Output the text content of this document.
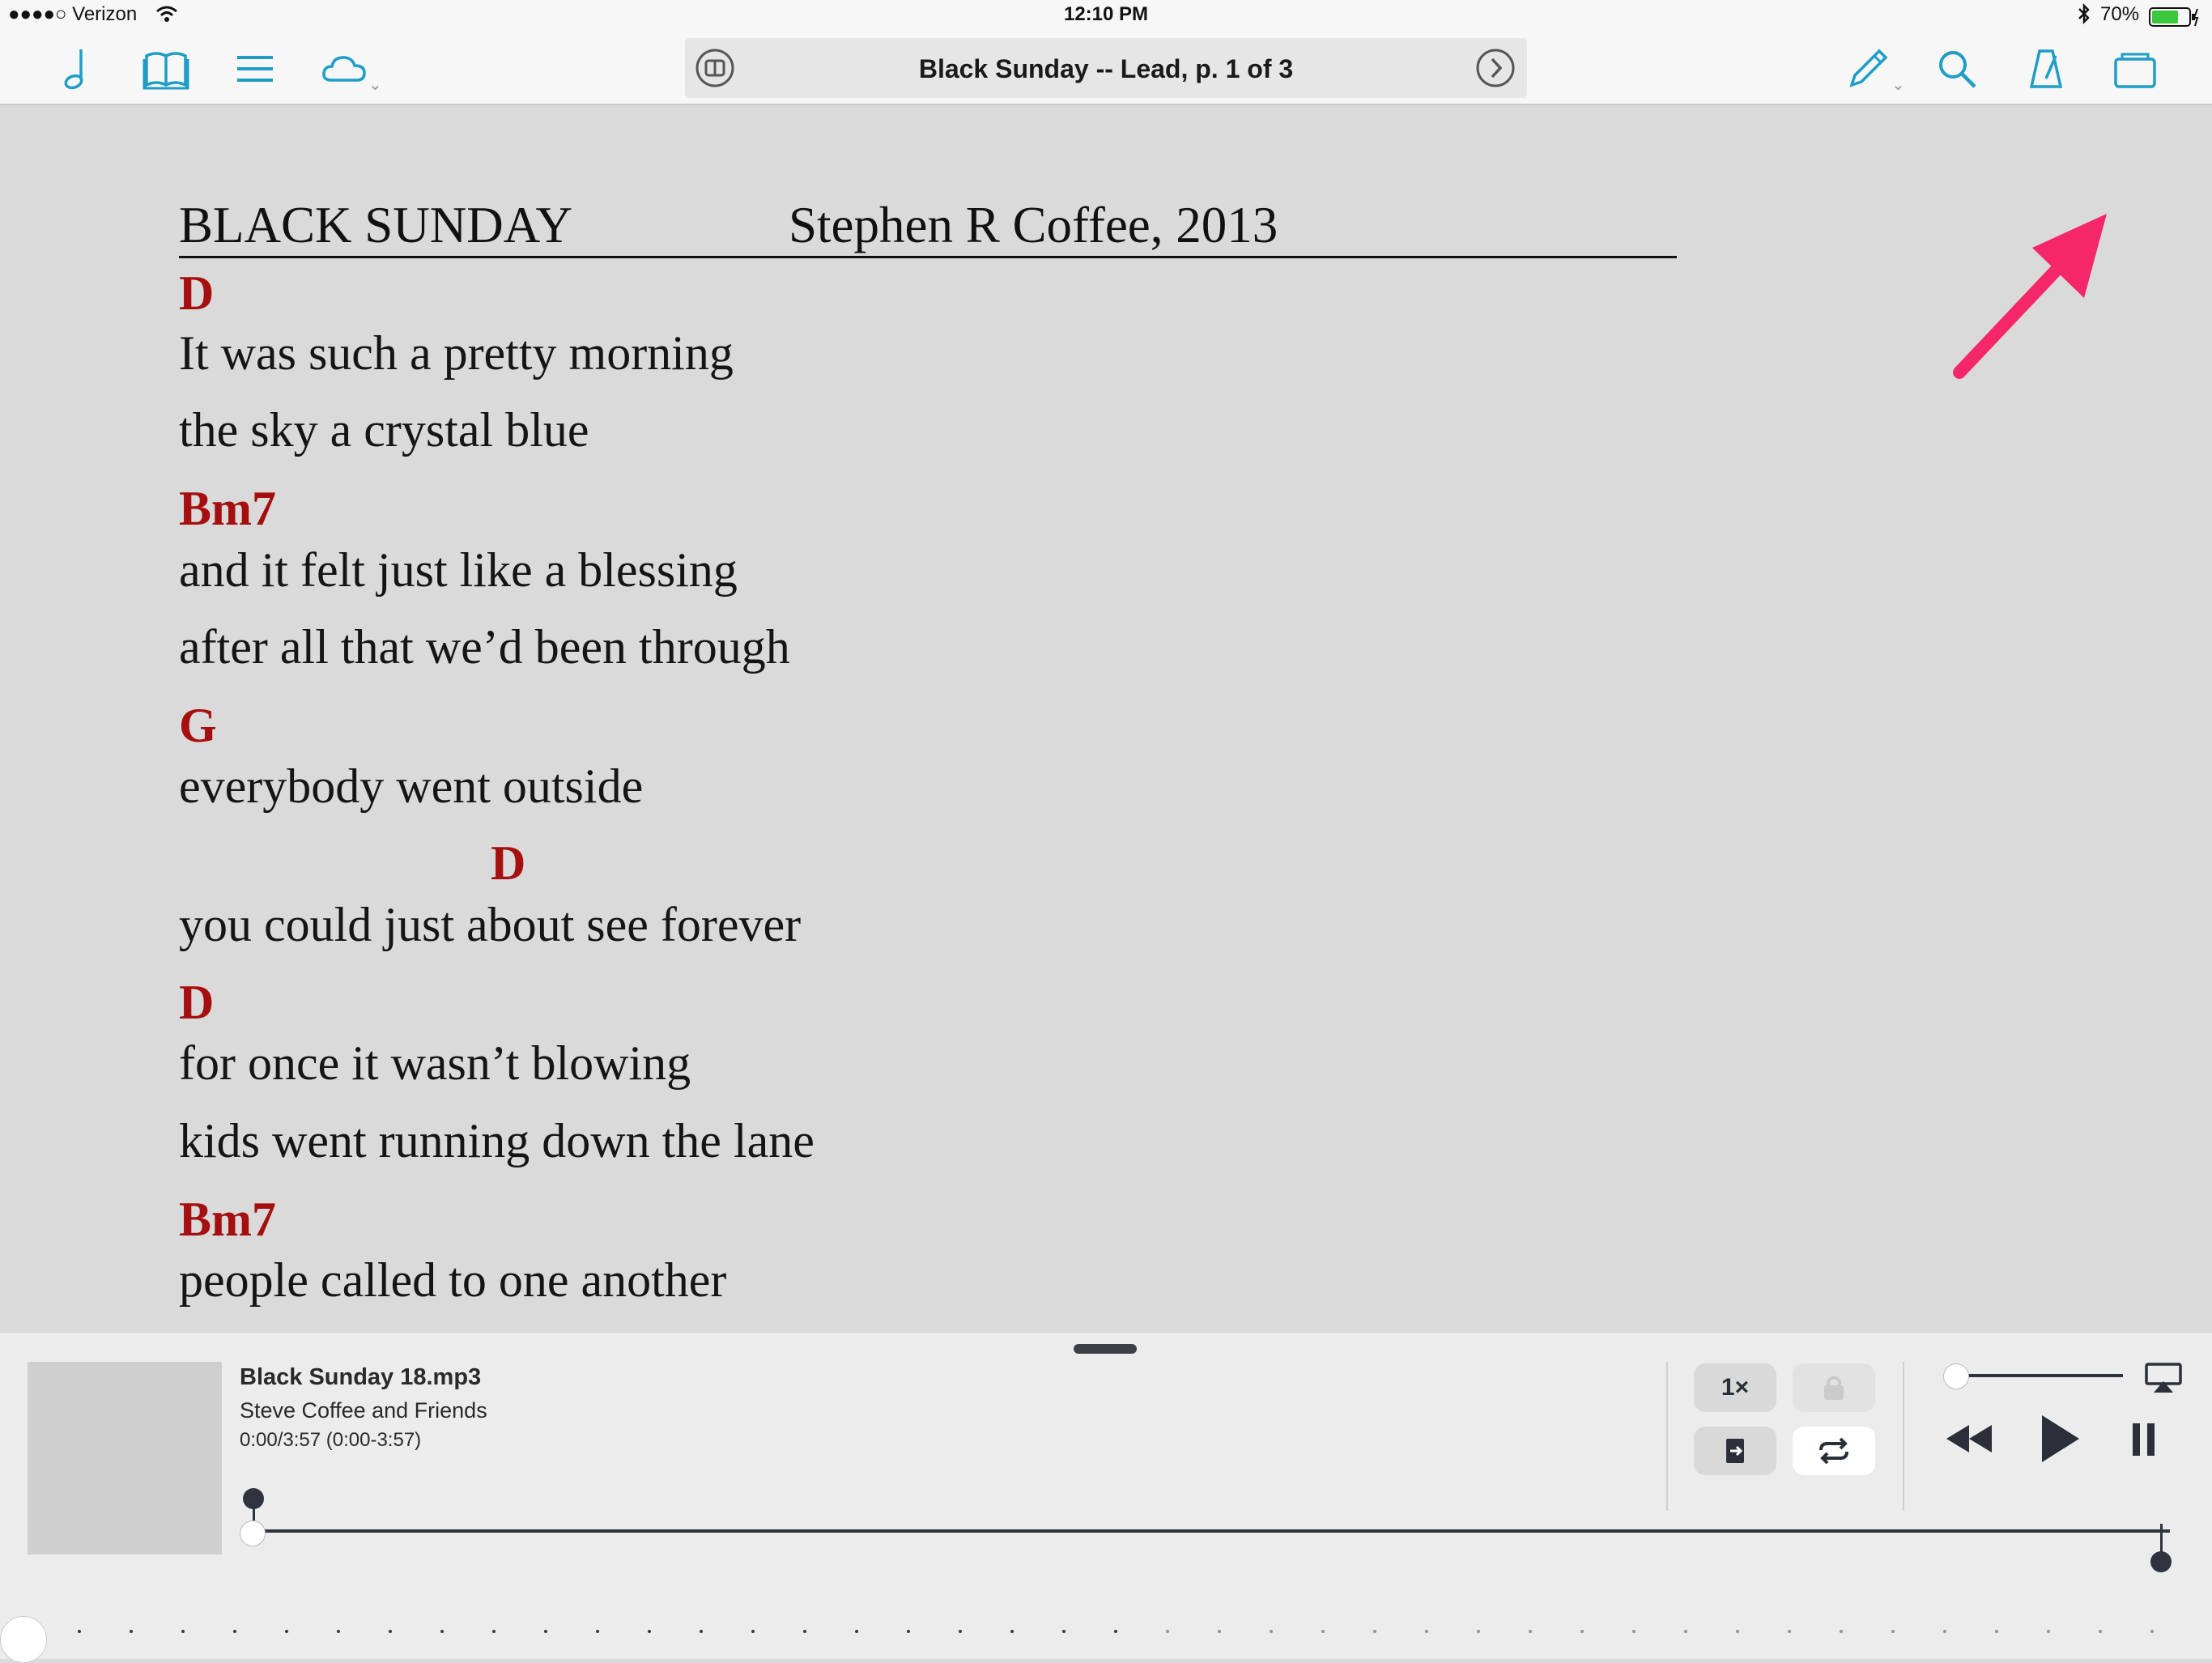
●●●●○ Verizon	12:10 PM	70%
⌄
Black Sunday -- Lead, p. 1 of 3
⌄
BLACK SUNDAY	Stephen R Coffee, 2013
D
It was such a pretty morning
the sky a crystal blue
Bm7
and it felt just like a blessing
after all that we’d been through
G
everybody went outside
D
you could just about see forever
D
for once it wasn’t blowing
kids went running down the lane
Bm7
people called to one another
Black Sunday 18.mp3
Steve Coffee and Friends
0:00/3:57 (0:00-3:57)
1×
